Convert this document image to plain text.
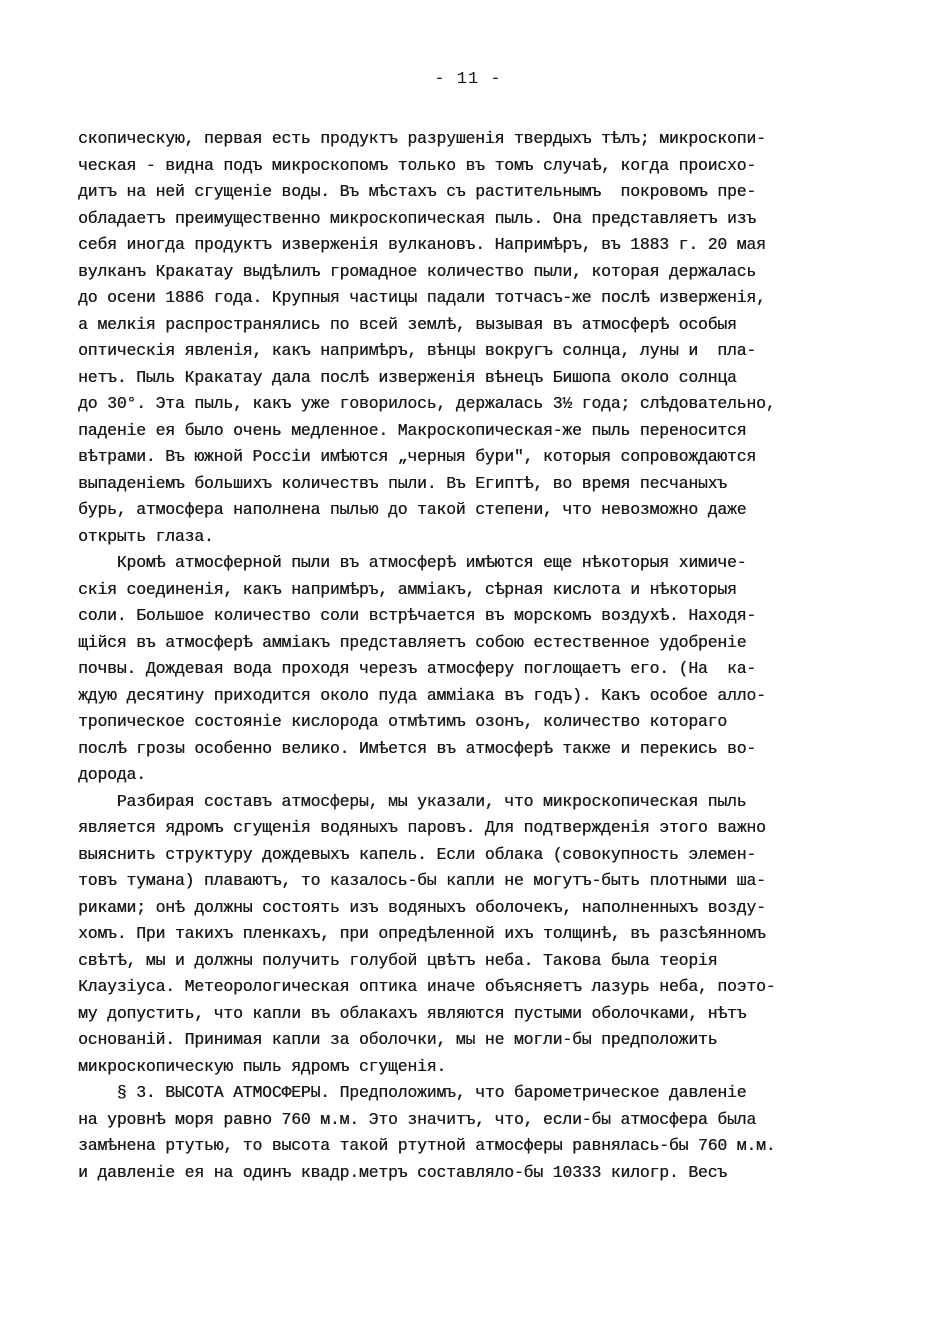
- 11 -
скопическую, первая есть продуктъ разрушенія твердыхъ тѣлъ; микроскопи-
ческая - видна подъ микроскопомъ только въ томъ случаѣ, когда происхо-
дитъ на ней сгущеніе воды. Въ мѣстахъ съ растительнымъ  покровомъ пре-
обладаетъ преимущественно микроскопическая пыль. Она представляетъ изъ
себя иногда продуктъ изверженія вулкановъ. Напримѣръ, въ 1883 г. 20 мая
вулканъ Кракатау выдѣлилъ громадное количество пыли, которая держалась
до осени 1886 года. Крупныя частицы падали тотчасъ-же послѣ изверженія,
а мелкія распространялись по всей землѣ, вызывая въ атмосферѣ особыя
оптическія явленія, какъ напримѣръ, вѣнцы вокругъ солнца, луны и  пла-
нетъ. Пыль Кракатау дала послѣ изверженія вѣнецъ Бишопа около солнца
до 30°. Эта пыль, какъ уже говорилось, держалась 3½ года; слѣдовательно,
паденіе ея было очень медленное. Макроскопическая-же пыль переносится
вѣтрами. Въ южной Россіи имѣются „черныя бури", которыя сопровождаются
выпаденіемъ большихъ количествъ пыли. Въ Египтѣ, во время песчаныхъ
бурь, атмосфера наполнена пылью до такой степени, что невозможно даже
открыть глаза.
Кромѣ атмосферной пыли въ атмосферѣ имѣются еще нѣкоторыя химиче-
скія соединенія, какъ напримѣръ, амміакъ, сѣрная кислота и нѣкоторыя
соли. Большое количество соли встрѣчается въ морскомъ воздухѣ. Находя-
щійся въ атмосферѣ амміакъ представляетъ собою естественное удобреніе
почвы. Дождевая вода проходя черезъ атмосферу поглощаетъ его. (На  ка-
ждую десятину приходится около пуда амміака въ годъ). Какъ особое алло-
тропическое состояніе кислорода отмѣтимъ озонъ, количество котораго
послѣ грозы особенно велико. Имѣется въ атмосферѣ также и перекись во-
дорода.
Разбирая составъ атмосферы, мы указали, что микроскопическая пыль
является ядромъ сгущенія водяныхъ паровъ. Для подтвержденія этого важно
выяснить структуру дождевыхъ капель. Если облака (совокупность элемен-
товъ тумана) плаваютъ, то казалось-бы капли не могутъ-быть плотными ша-
риками; онѣ должны состоять изъ водяныхъ оболочекъ, наполненныхъ возду-
хомъ. При такихъ пленкахъ, при опредѣленной ихъ толщинѣ, въ разсѣянномъ
свѣтѣ, мы и должны получить голубой цвѣтъ неба. Такова была теорія
Клаузіуса. Метеорологическая оптика иначе объясняетъ лазурь неба, поэто-
му допустить, что капли въ облакахъ являются пустыми оболочками, нѣтъ
основаній. Принимая капли за оболочки, мы не могли-бы предположить
микроскопическую пыль ядромъ сгущенія.
§ 3. ВЫСОТА АТМОСФЕРЫ. Предположимъ, что барометрическое давленіе
на уровнѣ моря равно 760 м.м. Это значитъ, что, если-бы атмосфера была
замѣнена ртутью, то высота такой ртутной атмосферы равнялась-бы 760 м.м.
и давленіе ея на одинъ квадр.метръ составляло-бы 10333 килогр. Весъ
